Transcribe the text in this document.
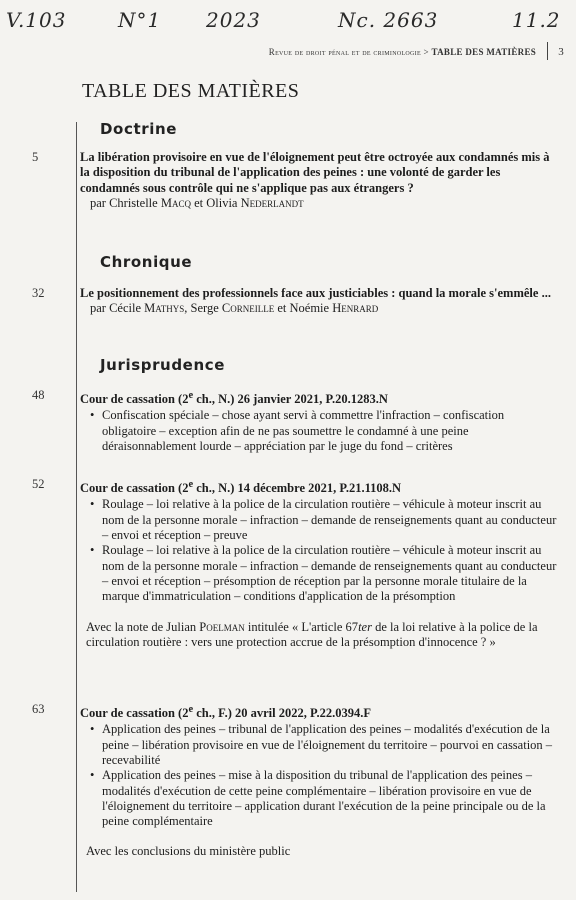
V.103	N°1 2023	Nc. 2663	11.2
Revue de droit pénal et de criminologie > TABLE DES MATIÈRES 3
TABLE DES MATIÈRES
Doctrine
5	La libération provisoire en vue de l'éloignement peut être octroyée aux condamnés mis à la disposition du tribunal de l'application des peines : une volonté de garder les condamnés sous contrôle qui ne s'applique pas aux étrangers ?
par Christelle Macq et Olivia Nederlandt
Chronique
32	Le positionnement des professionnels face aux justiciables : quand la morale s'emmêle ...
par Cécile Mathys, Serge Corneille et Noémie Henrard
Jurisprudence
48	Cour de cassation (2e ch., N.) 26 janvier 2021, P.20.1283.N
• Confiscation spéciale – chose ayant servi à commettre l'infraction – confiscation obligatoire – exception afin de ne pas soumettre le condamné à une peine déraisonnablement lourde – appréciation par le juge du fond – critères
52	Cour de cassation (2e ch., N.) 14 décembre 2021, P.21.1108.N
• Roulage – loi relative à la police de la circulation routière – véhicule à moteur inscrit au nom de la personne morale – infraction – demande de renseignements quant au conducteur – envoi et réception – preuve
• Roulage – loi relative à la police de la circulation routière – véhicule à moteur inscrit au nom de la personne morale – infraction – demande de renseignements quant au conducteur – envoi et réception – présomption de réception par la personne morale titulaire de la marque d'immatriculation – conditions d'application de la présomption
Avec la note de Julian Poelman intitulée « L'article 67ter de la loi relative à la police de la circulation routière : vers une protection accrue de la présomption d'innocence ? »
63	Cour de cassation (2e ch., F.) 20 avril 2022, P.22.0394.F
• Application des peines – tribunal de l'application des peines – modalités d'exécution de la peine – libération provisoire en vue de l'éloignement du territoire – pourvoi en cassation – recevabilité
• Application des peines – mise à la disposition du tribunal de l'application des peines – modalités d'exécution de cette peine complémentaire – libération provisoire en vue de l'éloignement du territoire – application durant l'exécution de la peine principale ou de la peine complémentaire
Avec les conclusions du ministère public
